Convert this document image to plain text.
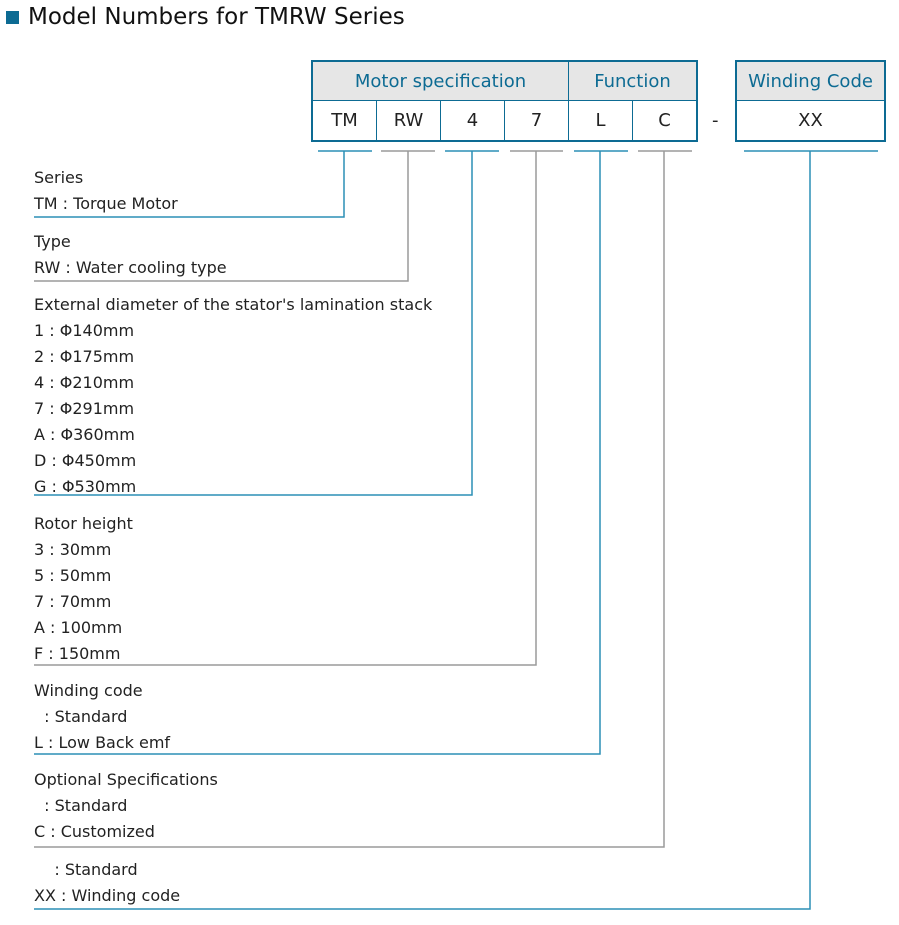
Model Numbers for TMRW Series
Motor specification	Function	Winding Code
TM	RW	4	7	L	C	-	XX
Series
TM : Torque Motor
Type
RW : Water cooling type
External diameter of the stator's lamination stack
1 : Φ140mm
2 : Φ175mm
4 : Φ210mm
7 : Φ291mm
A : Φ360mm
D : Φ450mm
G : Φ530mm
Rotor height
3 : 30mm
5 : 50mm
7 : 70mm
A : 100mm
F : 150mm
Winding code
: Standard
L : Low Back emf
Optional Specifications
: Standard
C : Customized
: Standard
XX : Winding code
